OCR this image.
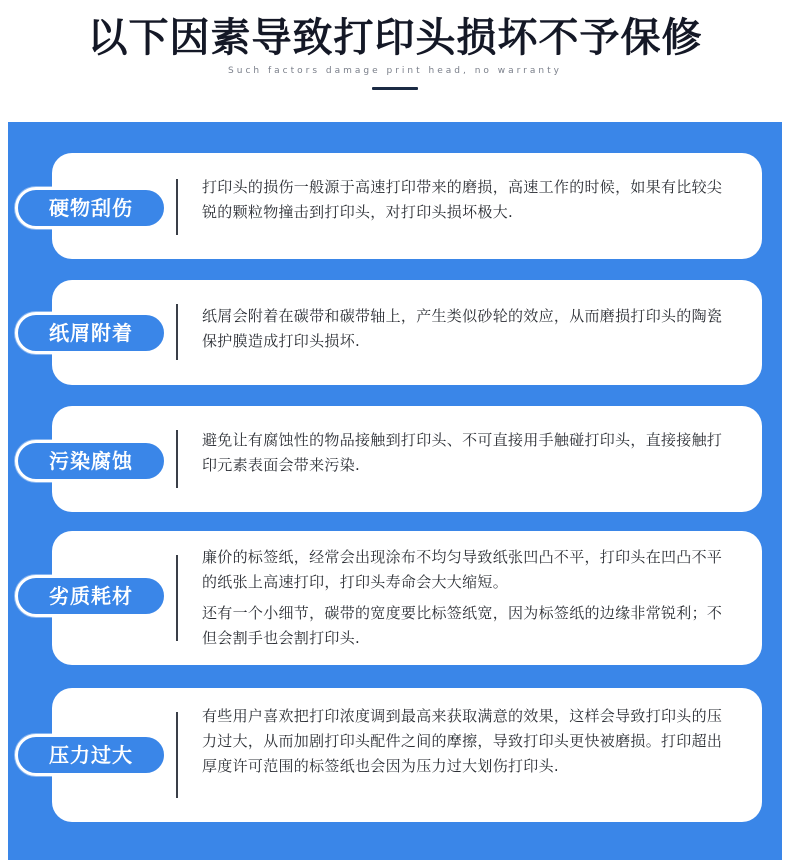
以下因素导致打印头损坏不予保修
Such factors damage print head, no warranty

打印头的损伤一般源于高速打印带来的磨损，高速工作的时候，如果有比较尖锐的颗粒物撞击到打印头，对打印头损坏极大.

硬物刮伤

纸屑会附着在碳带和碳带轴上，产生类似砂轮的效应，从而磨损打印头的陶瓷保护膜造成打印头损坏.

纸屑附着

避免让有腐蚀性的物品接触到打印头、不可直接用手触碰打印头，直接接触打印元素表面会带来污染.

污染腐蚀

廉价的标签纸，经常会出现涂布不均匀导致纸张凹凸不平，打印头在凹凸不平的纸张上高速打印，打印头寿命会大大缩短。

还有一个小细节，碳带的宽度要比标签纸宽，因为标签纸的边缘非常锐利；不但会割手也会割打印头.

劣质耗材

有些用户喜欢把打印浓度调到最高来获取满意的效果，这样会导致打印头的压力过大，从而加剧打印头配件之间的摩擦，导致打印头更快被磨损。打印超出厚度许可范围的标签纸也会因为压力过大划伤打印头.

压力过大
